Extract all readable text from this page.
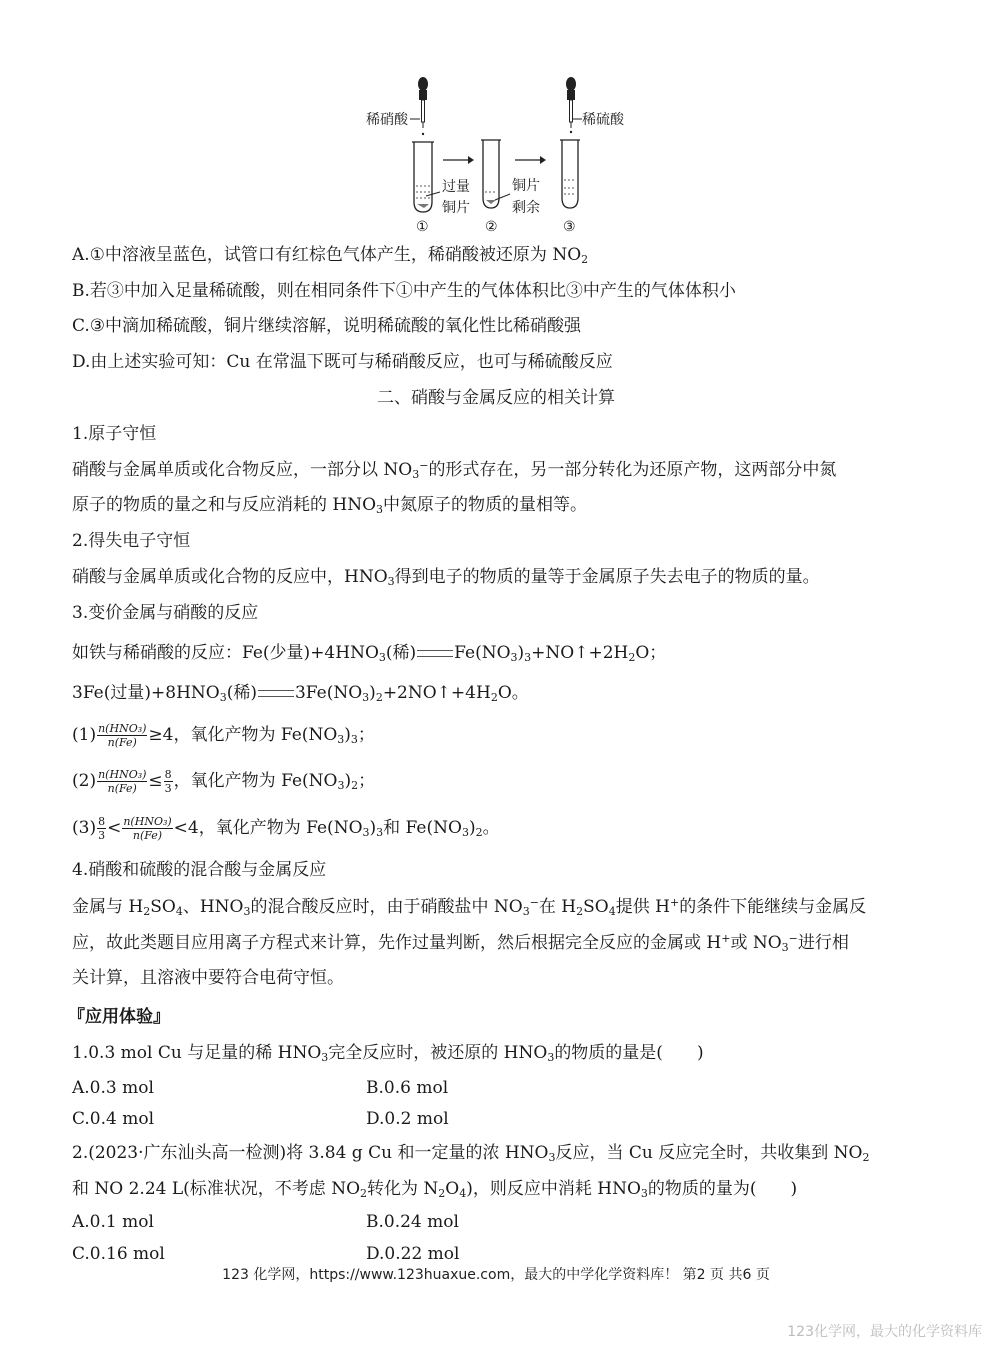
稀硝酸
过量
铜片
铜片
剩余
稀硫酸
①	②	③
A.①中溶液呈蓝色，试管口有红棕色气体产生，稀硝酸被还原为 $NO_2$
B.若③中加入足量稀硫酸，则在相同条件下①中产生的气体体积比③中产生的气体体积小
C.③中滴加稀硫酸，铜片继续溶解，说明稀硫酸的氧化性比稀硝酸强
D.由上述实验可知：Cu 在常温下既可与稀硝酸反应，也可与稀硫酸反应
二、硝酸与金属反应的相关计算
1.原子守恒
硝酸与金属单质或化合物反应，一部分以 $NO_3^-$的形式存在，另一部分转化为还原产物，这两部分中氮
原子的物质的量之和与反应消耗的 $HNO_3$中氮原子的物质的量相等。
2.得失电子守恒
硝酸与金属单质或化合物的反应中，$HNO_3$得到电子的物质的量等于金属原子失去电子的物质的量。
3.变价金属与硝酸的反应
如铁与稀硝酸的反应：Fe(少量)$+4HNO_3$(稀) $Fe(NO_3)_3+NO↑+2H_2O$；
3Fe(过量)$+8HNO_3$(稀) $3Fe(NO_3)_2+2NO↑+4H_2O$。
$(1) \frac{\text{n(HNO₃)}}{n(Fe)} \ge 4$，氧化产物为 $Fe(NO_3)_3$；
$(2) \frac{\text{n(HNO₃)}}{n(Fe)} \le \frac{8}{3}$ ，氧化产物为 $Fe(NO_3)_2$；
$(3) \frac{8}{3} < \frac{\text{n(HNO₃)}}{n(Fe)} <4$，氧化产物为 $Fe(NO_3)_3$和 $Fe(NO_3)_2$。
4.硝酸和硫酸的混合酸与金属反应
金属与 $H_2SO_4$、$HNO_3$的混合酸反应时，由于硝酸盐中 $NO_3^-$在 $H_2SO_4$提供 H+的条件下能继续与金属反
应，故此类题目应用离子方程式来计算，先作过量判断，然后根据完全反应的金属或 H+或 $NO_3^-$进行相
关计算，且溶液中要符合电荷守恒。
『应用体验』
1.0.3 mol Cu 与足量的稀 $HNO_3$完全反应时，被还原的 $HNO_3$的物质的量是(　　)
A.0.3 mol	B.0.6 mol
C.0.4 mol	D.0.2 mol
2.(2023·广东汕头高一检测)将 3.84 g Cu 和一定量的浓 $HNO_3$反应，当 Cu 反应完全时，共收集到 $NO_2$
和 NO 2.24 L(标准状况，不考虑 $NO_2$转化为 $N_2O_4$)，则反应中消耗 $HNO_3$的物质的量为(　　)
A.0.1 mol	B.0.24 mol
C.0.16 mol	D.0.22 mol
123 化学网，https://www.123huaxue.com，最大的中学化学资料库！ 第2 页 共6 页
123化学网，最大的化学资料库
